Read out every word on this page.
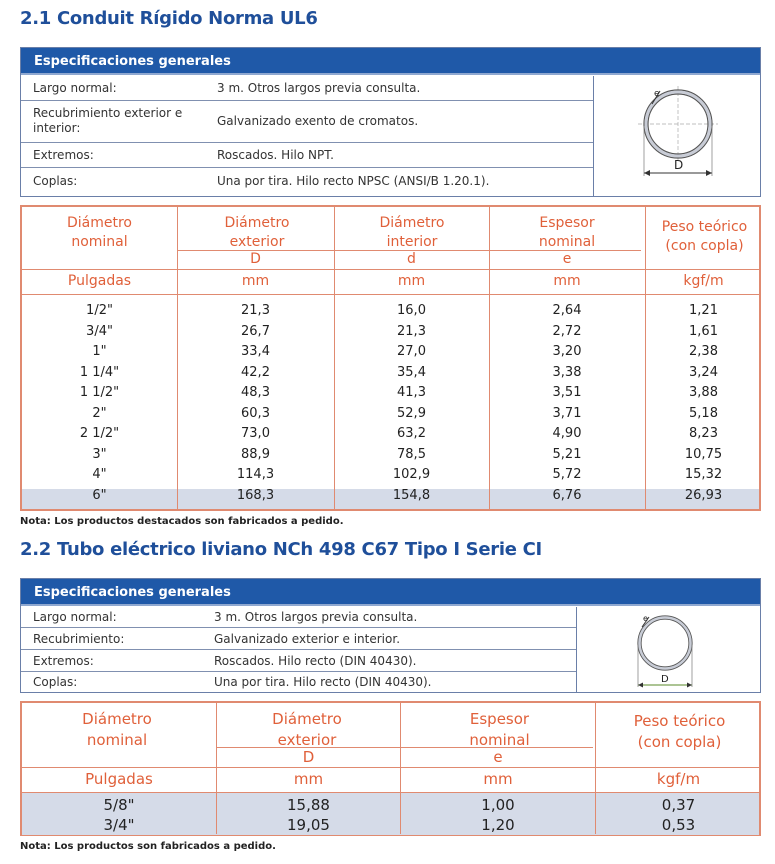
2.1 Conduit Rígido Norma UL6
Especificaciones generales
Largo normal:	3 m. Otros largos previa consulta.
Recubrimiento exterior e interior:	Galvanizado exento de cromatos.
Extremos:	Roscados. Hilo NPT.
Coplas:	Una por tira. Hilo recto NPSC (ANSI/B 1.20.1).
e
D
Diámetro nominal
Diámetro exterior
Diámetro interior
Espesor nominal
Peso teórico (con copla)
D	d	e
Pulgadas	mm	mm	mm	kgf/m
1/2"	21,3	16,0	2,64	1,21
3/4"	26,7	21,3	2,72	1,61
1"	33,4	27,0	3,20	2,38
1 1/4"	42,2	35,4	3,38	3,24
1 1/2"	48,3	41,3	3,51	3,88
2"	60,3	52,9	3,71	5,18
2 1/2"	73,0	63,2	4,90	8,23
3"	88,9	78,5	5,21	10,75
4"	114,3	102,9	5,72	15,32
6"	168,3	154,8	6,76	26,93
Nota: Los productos destacados son fabricados a pedido.
2.2 Tubo eléctrico liviano NCh 498 C67 Tipo I Serie CI
Especificaciones generales
Largo normal:	3 m. Otros largos previa consulta.
Recubrimiento:	Galvanizado exterior e interior.
Extremos:	Roscados. Hilo recto (DIN 40430).
Coplas:	Una por tira. Hilo recto (DIN 40430).
e
D
Diámetro nominal
Diámetro exterior
Espesor nominal
Peso teórico (con copla)
D	e
Pulgadas	mm	mm	kgf/m
5/8"	15,88	1,00	0,37
3/4"	19,05	1,20	0,53
Nota: Los productos son fabricados a pedido.
